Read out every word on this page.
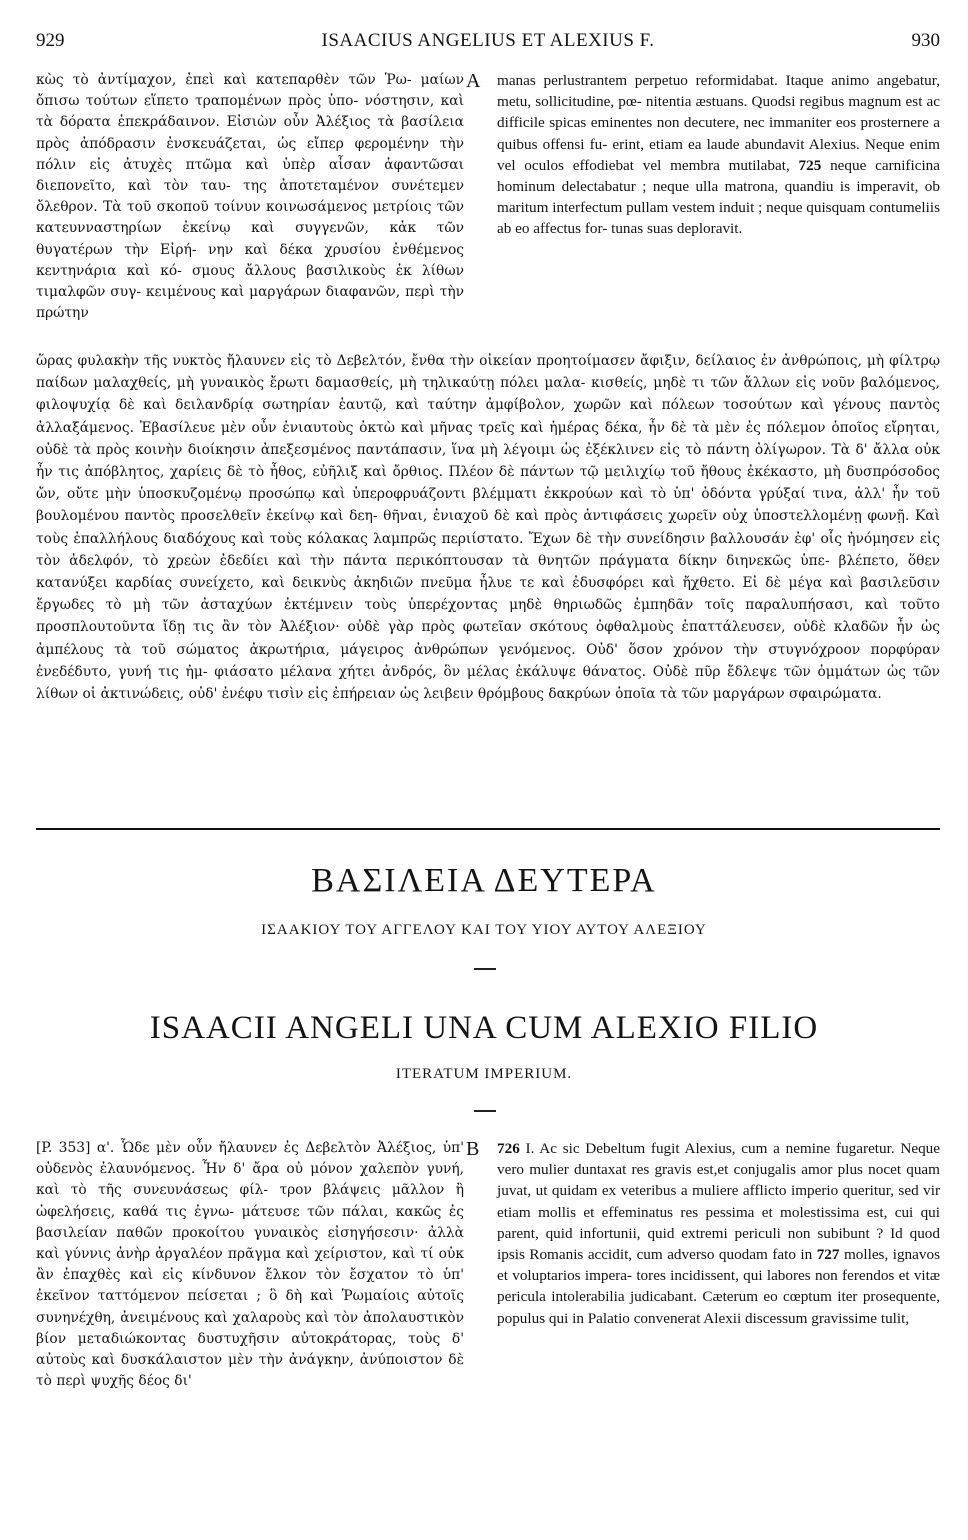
929	ISAACIUS ANGELIUS ET ALEXIUS F.	930
κὼς τὸ ἀντίμαχον, ἐπεὶ καὶ κατεπαρθὲν τῶν Ῥω- μαίων ὄπισω τούτων εἵπετο τραπομένων πρὸς ὑπο- νόστησιν, καὶ τὰ δόρατα ἐπεκράδαινον. Εἰσιὼν οὖν Ἀλέξιος τὰ βασίλεια πρὸς ἀπόδρασιν ἐνσκευάζεται, ὡς εἴπερ φερομένην τὴν πόλιν εἰς ἀτυχὲς πτῶμα καὶ ὑπὲρ αἶσαν ἀφαντῶσαι διεπονεῖτο, καὶ τὸν ταυ- της ἀποτεταμένον συνέτεμεν ὄλεθρον. Τὰ τοῦ σκοποῦ τοίνυν κοινωσάμενος μετρίοις τῶν κατευνναστηρίων ἐκείνῳ καὶ συγγενῶν, κἀκ τῶν θυγατέρων τὴν Εἰρή- νην καὶ δέκα χρυσίου ἐνθέμενος κεντηνάρια καὶ κό- σμους ἄλλους βασιλικοὺς ἐκ λίθων τιμαλφῶν συγ- κειμένους καὶ μαργάρων διαφανῶν, περὶ τὴν πρώτην
A manas perlustrantem perpetuo reformidabat. Itaque animo angebatur, metu, sollicitudine, pœ- nitentia æstuans. Quodsi regibus magnum est ac difficile spicas eminentes non decutere, nec immaniter eos prosternere a quibus offensi fu- erint, etiam ea laude abundavit Alexius. Neque enim vel oculos effodiebat vel membra mutilabat, 725 neque carnificina hominum delectabatur ; neque ulla matrona, quandiu is imperavit, ob maritum interfectum pullam vestem induit ; neque quisquam contumeliis ab eo affectus for- tunas suas deploravit.
ὥρας φυλακὴν τῆς νυκτὸς ἤλαυνεν εἰς τὸ Δεβελτόν, ἔνθα τὴν οἰκείαν προητοίμασεν ἄφιξιν, δείλαιος ἐν ἀνθρώποις, μὴ φίλτρῳ παίδων μαλαχθείς, μὴ γυναικὸς ἔρωτι δαμασθείς, μὴ τηλικαύτῃ πόλει μαλα- κισθείς, μηδὲ τι τῶν ἄλλων εἰς νοῦν βαλόμενος, φιλοψυχίᾳ δὲ καὶ δειλανδρίᾳ σωτηρίαν ἑαυτῷ, καὶ ταύτην ἀμφίβολον, χωρῶν καὶ πόλεων τοσούτων καὶ γένους παντὸς ἀλλαξάμενος. Ἐβασίλευε μὲν οὖν ἐνιαυτοὺς ὀκτὼ καὶ μῆνας τρεῖς καὶ ἡμέρας δέκα, ἦν δὲ τὰ μὲν ἐς πόλεμον ὁποῖος εἴρηται, οὐδὲ τὰ πρὸς κοινὴν διοίκησιν ἀπεξεσμένος παντάπασιν, ἵνα μὴ λέγοιμι ὡς ἐξέκλινεν εἰς τὸ πάντη ὀλίγωρον. Τὰ δ' ἄλλα οὐκ ἦν τις ἀπόβλητος, χαρίεις δὲ τὸ ἦθος, εὐῆλιξ καὶ ὄρθιος. Πλέον δὲ πάντων τῷ μειλιχίῳ τοῦ ἤθους ἐκέκαστο, μὴ δυσπρόσοδος ὤν, οὔτε μὴν ὑποσκυζομένῳ προσώπῳ καὶ ὑπεροφρυάζοντι βλέμματι ἐκκρούων καὶ τὸ ὑπ' ὀδόντα γρύξαί τινα, ἀλλ' ἦν τοῦ βουλομένου παντὸς προσελθεῖν ἐκείνῳ καὶ δεη- θῆναι, ἐνιαχοῦ δὲ καὶ πρὸς ἀντιφάσεις χωρεῖν οὐχ ὑποστελλομένῃ φωνῇ. Καὶ τοὺς ἐπαλλήλους διαδόχους καὶ τοὺς κόλακας λαμπρῶς περιίστατο. Ἔχων δὲ τὴν συνείδησιν βαλλουσάν ἐφ' οἷς ἠνόμησεν εἰς τὸν ἀδελφόν, τὸ χρεὼν ἐδεδίει καὶ τὴν πάντα περικόπτουσαν τὰ θνητῶν πράγματα δίκην διηνεκῶς ὑπε- βλέπετο, ὅθεν κατανύξει καρδίας συνείχετο, καὶ δεικνὺς ἀκηδιῶν πνεῦμα ἦλυε τε καὶ ἐδυσφόρει καὶ ἤχθετο. Εἰ δὲ μέγα καὶ βασιλεῦσιν ἔργωδες τὸ μὴ τῶν ἀσταχύων ἐκτέμνειν τοὺς ὑπερέχοντας μηδὲ θηριωδῶς ἐμπηδᾶν τοῖς παραλυπήσασι, καὶ τοῦτο προσπλουτοῦντα ἴδῃ τις ἂν τὸν Ἀλέξιον· οὐδὲ γὰρ πρὸς φωτεῖαν σκότους ὀφθαλμοὺς ἐπαττάλευσεν, οὐδὲ κλαδῶν ἦν ὡς ἀμπέλους τὰ τοῦ σώματος ἀκρωτήρια, μάγειρος ἀνθρώπων γενόμενος. Οὐδ' ὅσον χρόνον τὴν στυγνόχροον πορφύραν ἐνεδέδυτο, γυνή τις ἠμ- φιάσατο μέλανα χήτει ἀνδρός, ὃν μέλας ἐκάλυψε θάνατος. Οὐδὲ πῦρ ἔδλεψε τῶν ὀμμάτων ὡς τῶν λίθων οἱ ἀκτινώδεις, οὐδ' ἐνέφυ τισὶν εἰς ἐπήρειαν ὡς λειβειν θρόμβους δακρύων ὁποῖα τὰ τῶν μαργάρων σφαιρώματα.
ΒΑΣΙΛΕΙΑ ΔΕΥΤΕΡΑ
ΙΣΑΑΚΙΟΥ ΤΟΥ ΑΓΓΕΛΟΥ ΚΑΙ ΤΟΥ ΥΙΟΥ ΑΥΤΟΥ ΑΛΕΞΙΟΥ
ISAACII ANGELI UNA CUM ALEXIO FILIO
ITERATUM IMPERIUM.
[P. 353] α'. Ὧδε μὲν οὖν ἤλαυνεν ἐς Δεβελτὸν Ἀλέξιος, ὑπ' οὐδενὸς ἐλαυνόμενος. Ἦν δ' ἄρα οὐ μόνον χαλεπὸν γυνή, καὶ τὸ τῆς συνευνάσεως φίλ- τρον βλάψεις μᾶλλον ἢ ὠφελήσεις, καθά τις ἐγνω- μάτευσε τῶν πάλαι, κακῶς ἐς βασιλείαν παθῶν προκοίτου γυναικὸς εἰσηγήσεσιν· ἀλλὰ καὶ γύννις ἀνὴρ ἀργαλέον πρᾶγμα καὶ χείριστον, καὶ τί οὐκ ἂν ἐπαχθὲς καὶ εἰς κίνδυνον ἔλκον τὸν ἔσχατον τὸ ὑπ' ἐκεῖνον ταττόμενον πείσεται ; ὃ δὴ καὶ Ῥωμαίοις αὐτοῖς συνηνέχθη, ἀνειμένους καὶ χαλαροὺς καὶ τὸν ἀπολαυστικὸν βίον μεταδιώκοντας δυστυχῆσιν αὐτοκράτορας, τοὺς δ' αὐτοὺς καὶ δυσκάλαιστον μὲν τὴν ἀνάγκην, ἀνύποιστον δὲ τὸ περὶ ψυχῆς δέος δι'
B 726 I. Ac sic Debeltum fugit Alexius, cum a nemine fugaretur. Neque vero mulier duntaxat res gravis est,et conjugalis amor plus nocet quam juvat, ut quidam ex veteribus a muliere afflicto imperio queritur, sed vir etiam mollis et effeminatus res pessima et molestissima est, cui qui parent, quid infortunii, quid extremi periculi non subibunt ? Id quod ipsis Romanis accidit, cum adverso quodam fato in 727 molles, ignavos et voluptarios impera- tores incidissent, qui labores non ferendos et vitæ pericula intolerabilia judicabant. Cæterum eo cœptum iter prosequente, populus qui in Palatio convenerat Alexii discessum gravissime tulit,
